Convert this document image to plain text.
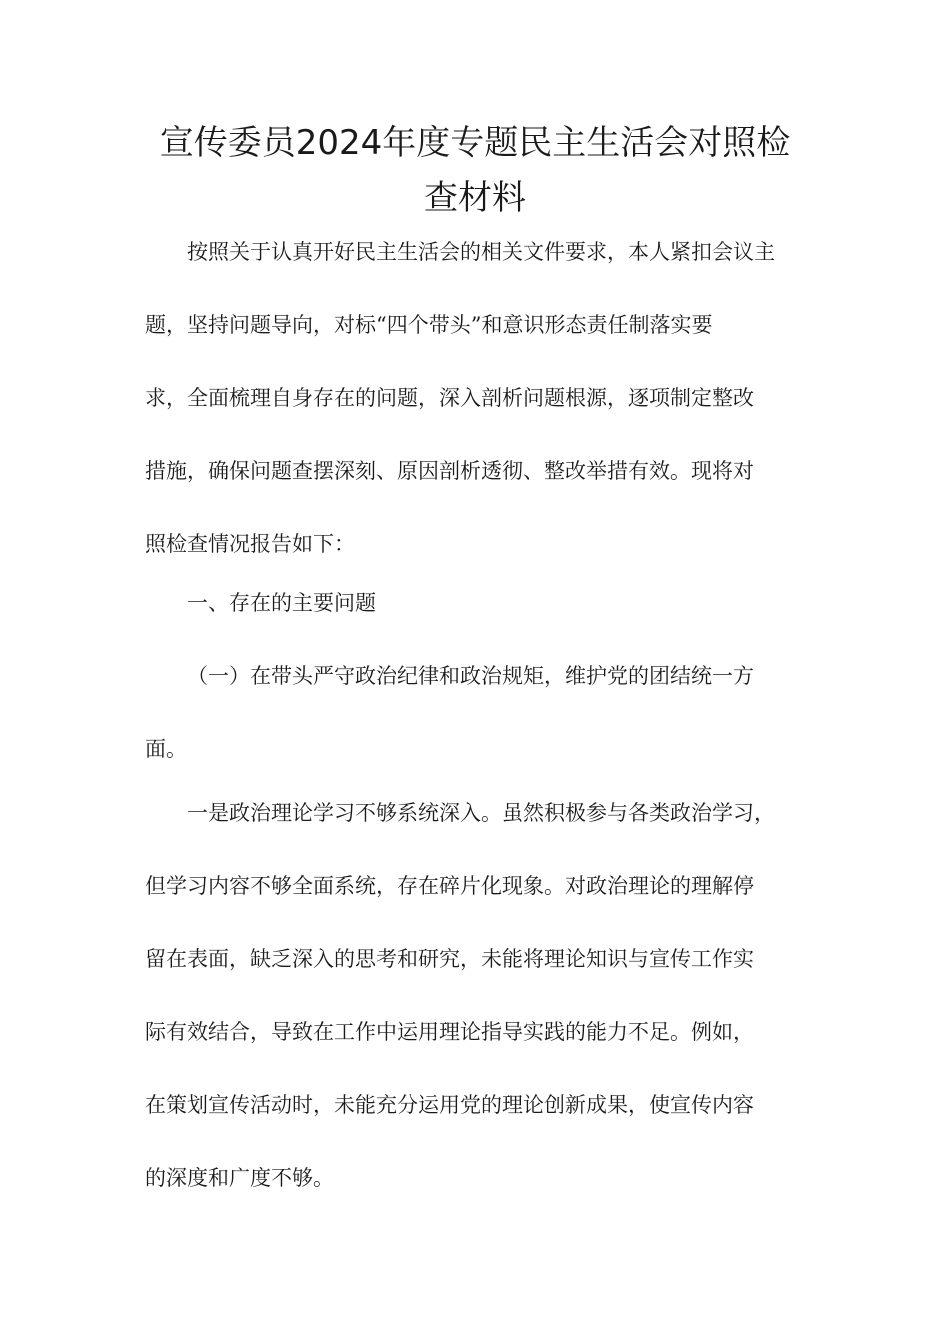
宣传委员2024年度专题民主生活会对照检
查材料

按照关于认真开好民主生活会的相关文件要求，本人紧扣会议主
题，坚持问题导向，对标“四个带头”和意识形态责任制落实要
求，全面梳理自身存在的问题，深入剖析问题根源，逐项制定整改
措施，确保问题查摆深刻、原因剖析透彻、整改举措有效。现将对
照检查情况报告如下：

一、存在的主要问题

（一）在带头严守政治纪律和政治规矩，维护党的团结统一方
面。

一是政治理论学习不够系统深入。虽然积极参与各类政治学习，
但学习内容不够全面系统，存在碎片化现象。对政治理论的理解停
留在表面，缺乏深入的思考和研究，未能将理论知识与宣传工作实
际有效结合，导致在工作中运用理论指导实践的能力不足。例如，
在策划宣传活动时，未能充分运用党的理论创新成果，使宣传内容
的深度和广度不够。
